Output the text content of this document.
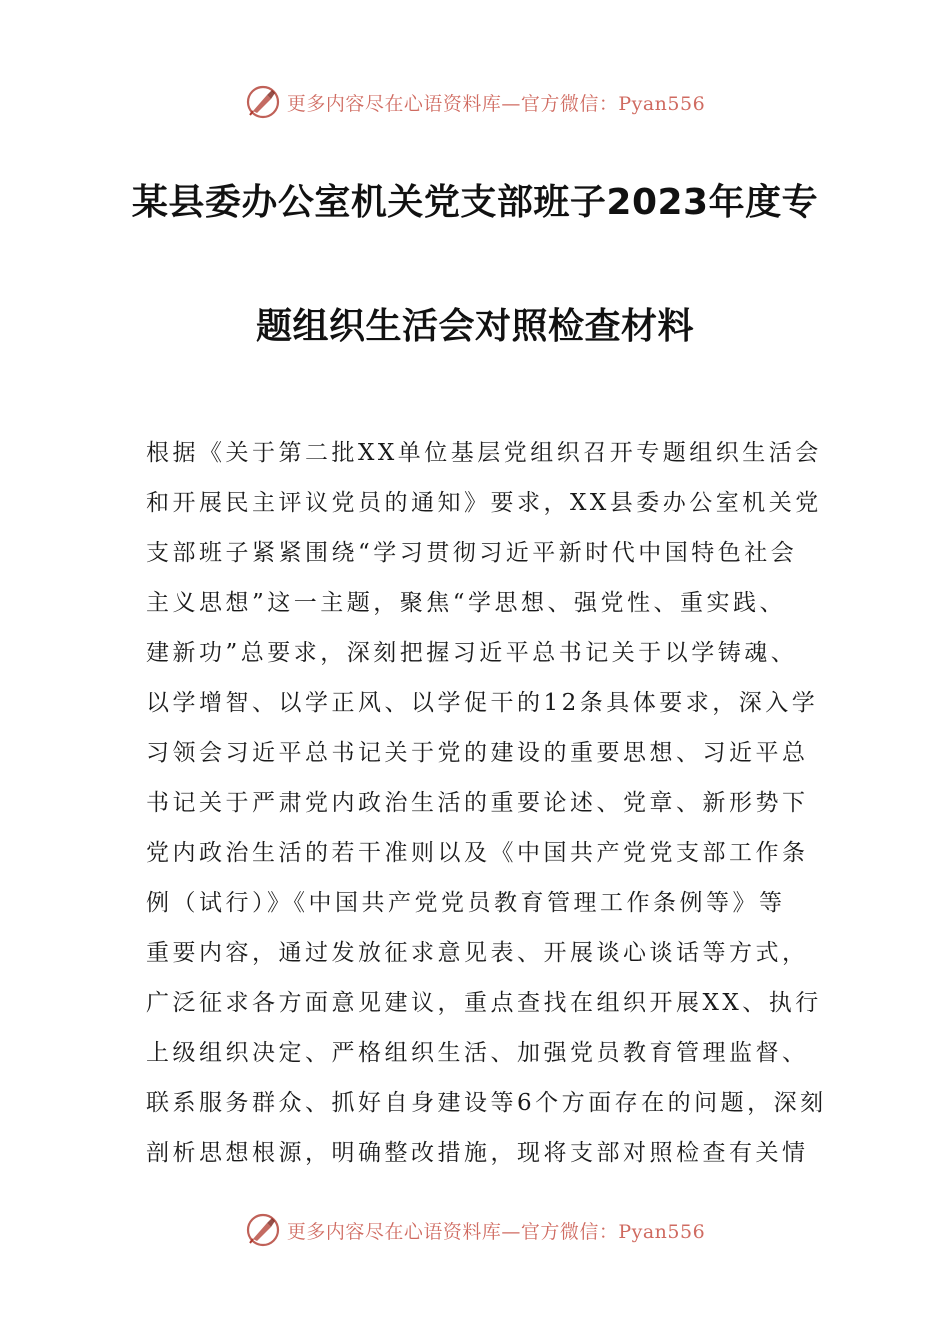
更多内容尽在心语资料库—官方微信：Pyan556
某县委办公室机关党支部班子2023年度专
题组织生活会对照检查材料
根据《关于第二批XX单位基层党组织召开专题组织生活会
和开展民主评议党员的通知》要求，XX县委办公室机关党
支部班子紧紧围绕“学习贯彻习近平新时代中国特色社会
主义思想”这一主题，聚焦“学思想、强党性、重实践、
建新功”总要求，深刻把握习近平总书记关于以学铸魂、
以学增智、以学正风、以学促干的12条具体要求，深入学
习领会习近平总书记关于党的建设的重要思想、习近平总
书记关于严肃党内政治生活的重要论述、党章、新形势下
党内政治生活的若干准则以及《中国共产党党支部工作条
例（试行）》《中国共产党党员教育管理工作条例等》等
重要内容，通过发放征求意见表、开展谈心谈话等方式，
广泛征求各方面意见建议，重点查找在组织开展XX、执行
上级组织决定、严格组织生活、加强党员教育管理监督、
联系服务群众、抓好自身建设等6个方面存在的问题，深刻
剖析思想根源，明确整改措施，现将支部对照检查有关情
更多内容尽在心语资料库—官方微信：Pyan556
